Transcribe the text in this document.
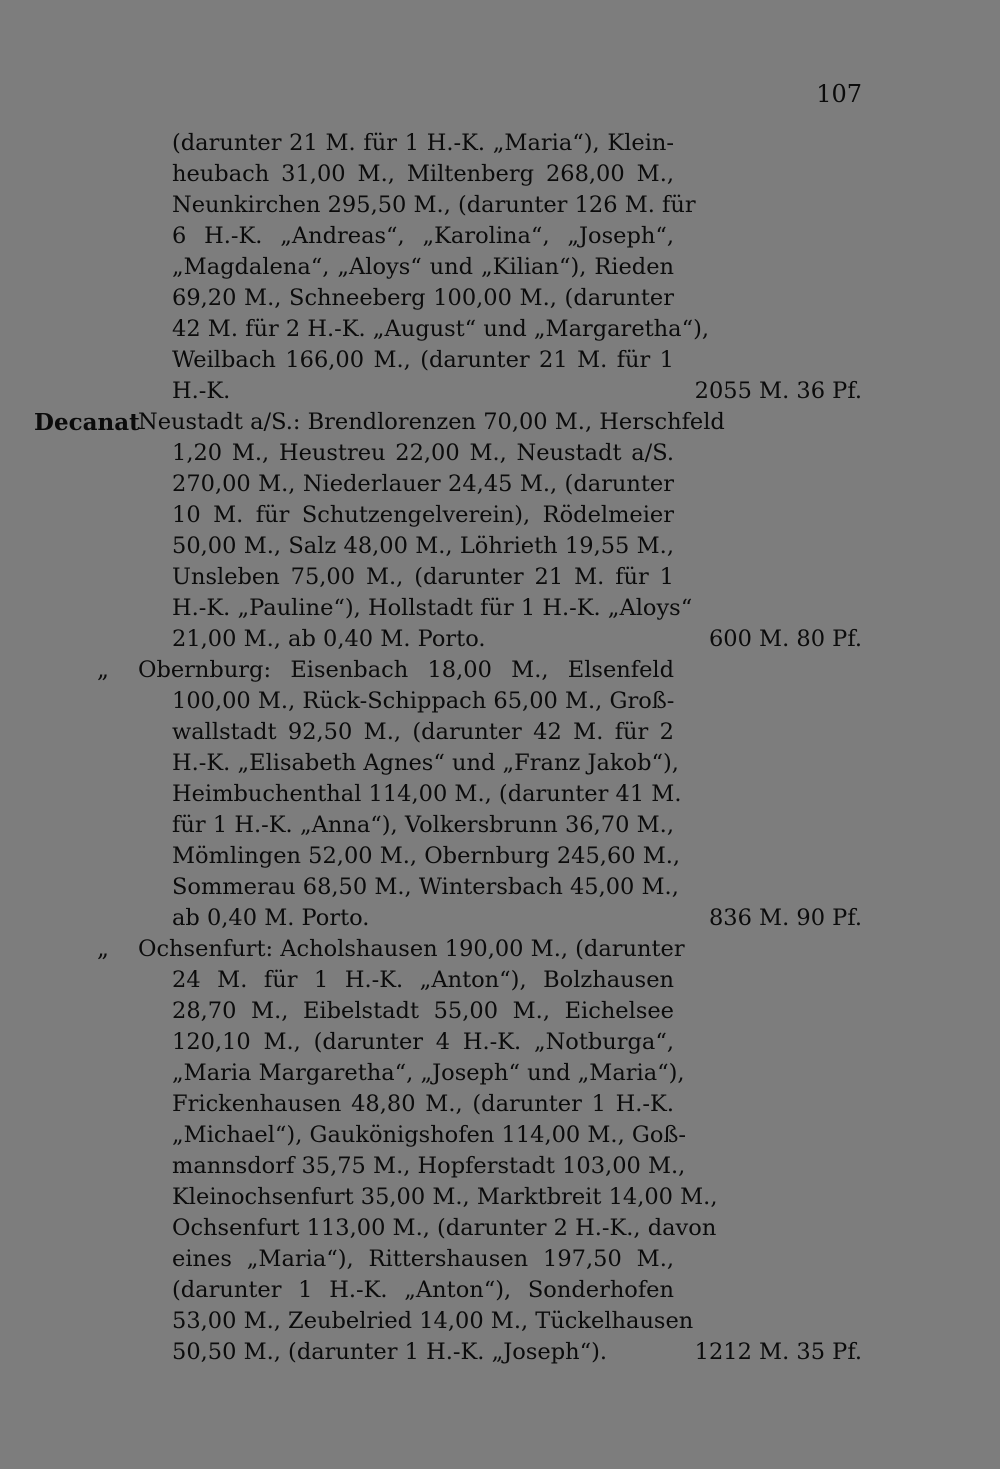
107
(darunter 21 M. für 1 H.-K. „Maria“), Klein-
heubach 31,00 M., Miltenberg 268,00 M.,
Neunkirchen 295,50 M., (darunter 126 M. für
6 H.-K. „Andreas“, „Karolina“, „Joseph“,
„Magdalena“, „Aloys“ und „Kilian“), Rieden
69,20 M., Schneeberg 100,00 M., (darunter
42 M. für 2 H.-K. „August“ und „Margaretha“),
Weilbach 166,00 M., (darunter 21 M. für 1
H.-K.	2055 M. 36 Pf.
Decanat
Neustadt a/S.: Brendlorenzen 70,00 M., Herschfeld
1,20 M., Heustreu 22,00 M., Neustadt a/S.
270,00 M., Niederlauer 24,45 M., (darunter
10 M. für Schutzengelverein), Rödelmeier
50,00 M., Salz 48,00 M., Löhrieth 19,55 M.,
Unsleben 75,00 M., (darunter 21 M. für 1
H.-K. „Pauline“), Hollstadt für 1 H.-K. „Aloys“
21,00 M., ab 0,40 M. Porto.	600 M. 80 Pf.
„	Obernburg: Eisenbach 18,00 M., Elsenfeld
100,00 M., Rück-Schippach 65,00 M., Groß-
wallstadt 92,50 M., (darunter 42 M. für 2
H.-K. „Elisabeth Agnes“ und „Franz Jakob“),
Heimbuchenthal 114,00 M., (darunter 41 M.
für 1 H.-K. „Anna“), Volkersbrunn 36,70 M.,
Mömlingen 52,00 M., Obernburg 245,60 M.,
Sommerau 68,50 M., Wintersbach 45,00 M.,
ab 0,40 M. Porto.	836 M. 90 Pf.
„	Ochsenfurt: Acholshausen 190,00 M., (darunter
24 M. für 1 H.-K. „Anton“), Bolzhausen
28,70 M., Eibelstadt 55,00 M., Eichelsee
120,10 M., (darunter 4 H.-K. „Notburga“,
„Maria Margaretha“, „Joseph“ und „Maria“),
Frickenhausen 48,80 M., (darunter 1 H.-K.
„Michael“), Gaukönigshofen 114,00 M., Goß-
mannsdorf 35,75 M., Hopferstadt 103,00 M.,
Kleinochsenfurt 35,00 M., Marktbreit 14,00 M.,
Ochsenfurt 113,00 M., (darunter 2 H.-K., davon
eines „Maria“), Rittershausen 197,50 M.,
(darunter 1 H.-K. „Anton“), Sonderhofen
53,00 M., Zeubelried 14,00 M., Tückelhausen
50,50 M., (darunter 1 H.-K. „Joseph“).	1212 M. 35 Pf.
